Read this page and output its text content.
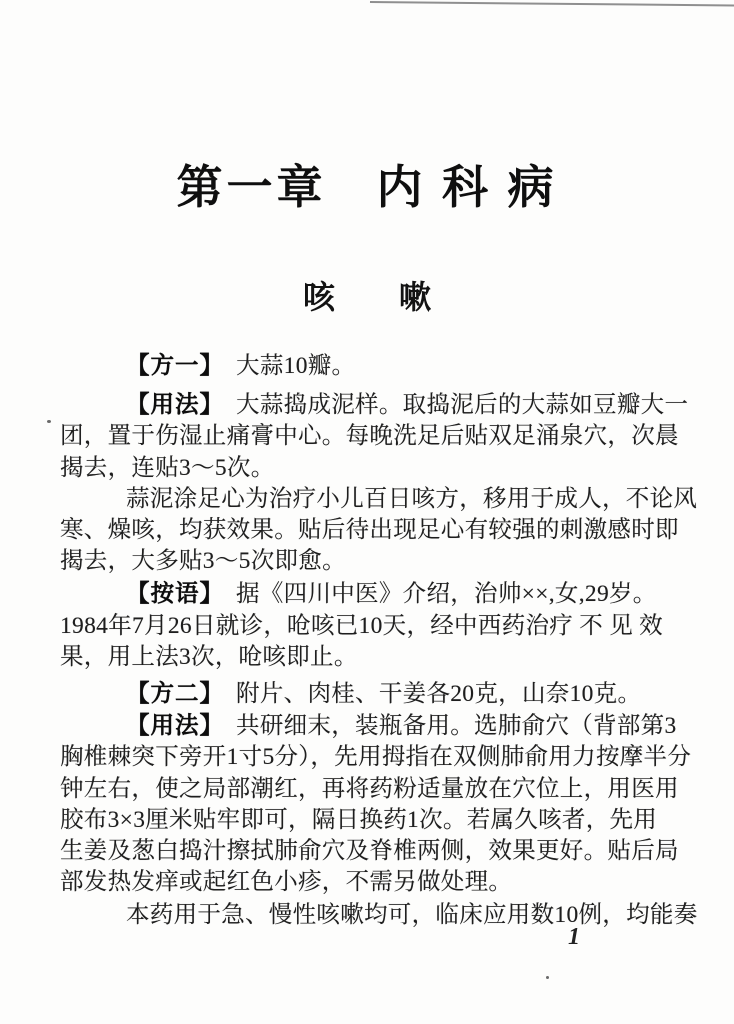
第一章　内 科 病
咳　　嗽
【方一】　大蒜10瓣。
【用法】　大蒜捣成泥样。取捣泥后的大蒜如豆瓣大一
团，置于伤湿止痛膏中心。每晚洗足后贴双足涌泉穴，次晨
揭去，连贴3～5次。
蒜泥涂足心为治疗小儿百日咳方，移用于成人，不论风
寒、燥咳，均获效果。贴后待出现足心有较强的刺激感时即
揭去，大多贴3～5次即愈。
【按语】　据《四川中医》介绍，治帅××,女,29岁。
1984年7月26日就诊，呛咳已10天，经中西药治疗 不 见 效
果，用上法3次，呛咳即止。
【方二】　附片、肉桂、干姜各20克，山奈10克。
【用法】　共研细末，装瓶备用。选肺俞穴（背部第3
胸椎棘突下旁开1寸5分），先用拇指在双侧肺俞用力按摩半分
钟左右，使之局部潮红，再将药粉适量放在穴位上，用医用
胶布3×3厘米贴牢即可，隔日换药1次。若属久咳者，先用
生姜及葱白捣汁擦拭肺俞穴及脊椎两侧，效果更好。贴后局
部发热发痒或起红色小疹，不需另做处理。
本药用于急、慢性咳嗽均可，临床应用数10例，均能奏
1
